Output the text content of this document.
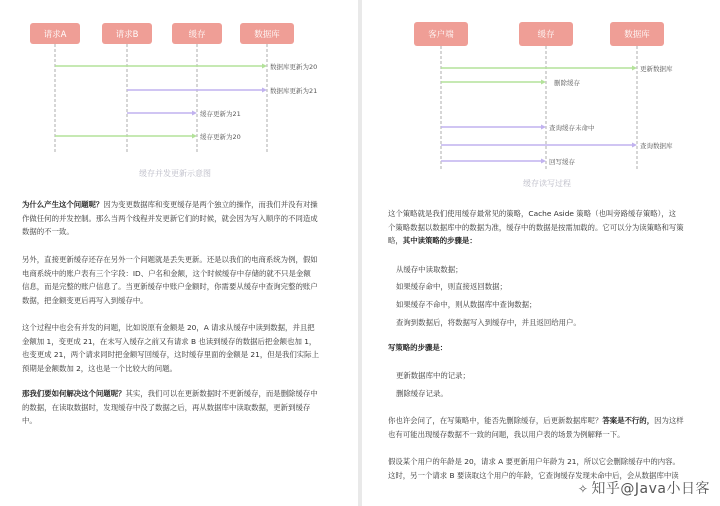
请求A	请求B	缓存	数据库
数据库更新为20
数据库更新为21
缓存更新为21
缓存更新为20
缓存并发更新示意图
为什么产生这个问题呢？因为变更数据库和变更缓存是两个独立的操作，而我们并没有对操
作做任何的并发控制。那么当两个线程并发更新它们的时候，就会因为写入顺序的不同造成
数据的不一致。
另外，直接更新缓存还存在另外一个问题就是丢失更新。还是以我们的电商系统为例，假如
电商系统中的账户表有三个字段：ID、户名和金额，这个时候缓存中存储的就不只是金额
信息，而是完整的账户信息了。当更新缓存中账户金额时，你需要从缓存中查询完整的账户
数据，把金额变更后再写入到缓存中。
这个过程中也会有并发的问题，比如说原有金额是 20，A 请求从缓存中读到数据，并且把
金额加 1，变更成 21，在未写入缓存之前又有请求 B 也读到缓存的数据后把金额也加 1，
也变更成 21，两个请求同时把金额写回缓存，这时缓存里面的金额是 21，但是我们实际上
预期是金额数加 2，这也是一个比较大的问题。
那我们要如何解决这个问题呢？其实，我们可以在更新数据时不更新缓存，而是删除缓存中
的数据，在读取数据时，发现缓存中没了数据之后，再从数据库中读取数据，更新到缓存
中。
客户端	缓存	数据库
更新数据库
删除缓存
查询缓存未命中
查询数据库
回写缓存
缓存读写过程
这个策略就是我们使用缓存最常见的策略，Cache Aside 策略（也叫旁路缓存策略），这
个策略数据以数据库中的数据为准，缓存中的数据是按需加载的。它可以分为读策略和写策
略，其中读策略的步骤是：
从缓存中读取数据；
如果缓存命中，则直接返回数据；
如果缓存不命中，则从数据库中查询数据；
查询到数据后，将数据写入到缓存中，并且返回给用户。
写策略的步骤是：
更新数据库中的记录；
删除缓存记录。
你也许会问了，在写策略中，能否先删除缓存，后更新数据库呢？答案是不行的，因为这样
也有可能出现缓存数据不一致的问题，我以用户表的场景为例解释一下。
假设某个用户的年龄是 20，请求 A 要更新用户年龄为 21，所以它会删除缓存中的内容。
这时，另一个请求 B 要读取这个用户的年龄，它查询缓存发现未命中后，会从数据库中读
✧ 知乎@Java小日客
